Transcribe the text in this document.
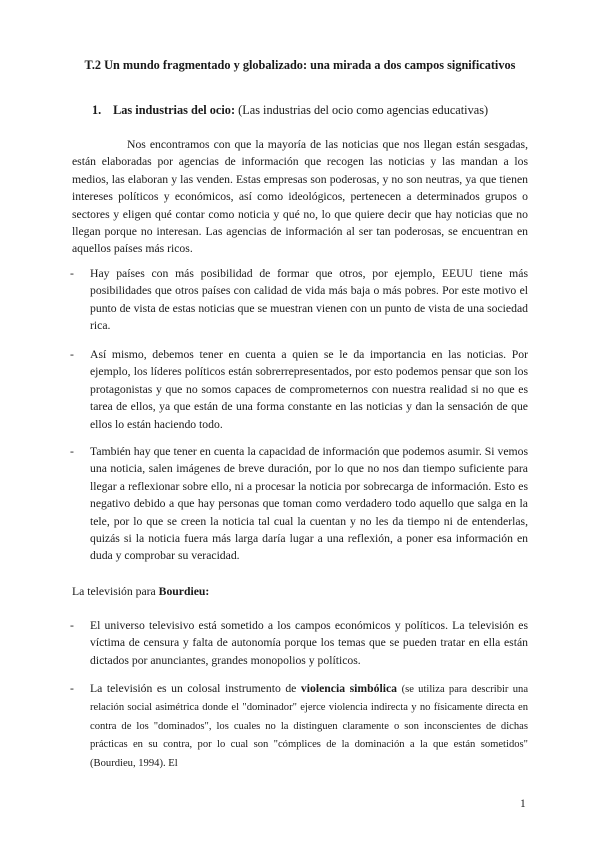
T.2 Un mundo fragmentado y globalizado: una mirada a dos campos significativos

1. Las industrias del ocio: (Las industrias del ocio como agencias educativas)

Nos encontramos con que la mayoría de las noticias que nos llegan están sesgadas, están elaboradas por agencias de información que recogen las noticias y las mandan a los medios, las elaboran y las venden. Estas empresas son poderosas, y no son neutras, ya que tienen intereses políticos y económicos, así como ideológicos, pertenecen a determinados grupos o sectores y eligen qué contar como noticia y qué no, lo que quiere decir que hay noticias que no llegan porque no interesan. Las agencias de información al ser tan poderosas, se encuentran en aquellos países más ricos.

- Hay países con más posibilidad de formar que otros, por ejemplo, EEUU tiene más posibilidades que otros países con calidad de vida más baja o más pobres. Por este motivo el punto de vista de estas noticias que se muestran vienen con un punto de vista de una sociedad rica.
- Así mismo, debemos tener en cuenta a quien se le da importancia en las noticias. Por ejemplo, los líderes políticos están sobrerrepresentados, por esto podemos pensar que son los protagonistas y que no somos capaces de comprometernos con nuestra realidad si no que es tarea de ellos, ya que están de una forma constante en las noticias y dan la sensación de que ellos lo están haciendo todo.
- También hay que tener en cuenta la capacidad de información que podemos asumir. Si vemos una noticia, salen imágenes de breve duración, por lo que no nos dan tiempo suficiente para llegar a reflexionar sobre ello, ni a procesar la noticia por sobrecarga de información. Esto es negativo debido a que hay personas que toman como verdadero todo aquello que salga en la tele, por lo que se creen la noticia tal cual la cuentan y no les da tiempo ni de entenderlas, quizás si la noticia fuera más larga daría lugar a una reflexión, a poner esa información en duda y comprobar su veracidad.

La televisión para Bourdieu:

- El universo televisivo está sometido a los campos económicos y políticos. La televisión es víctima de censura y falta de autonomía porque los temas que se pueden tratar en ella están dictados por anunciantes, grandes monopolios y políticos.
- La televisión es un colosal instrumento de violencia simbólica (se utiliza para describir una relación social asimétrica donde el "dominador" ejerce violencia indirecta y no físicamente directa en contra de los "dominados", los cuales no la distinguen claramente o son inconscientes de dichas prácticas en su contra, por lo cual son "cómplices de la dominación a la que están sometidos" (Bourdieu, 1994). El

1
